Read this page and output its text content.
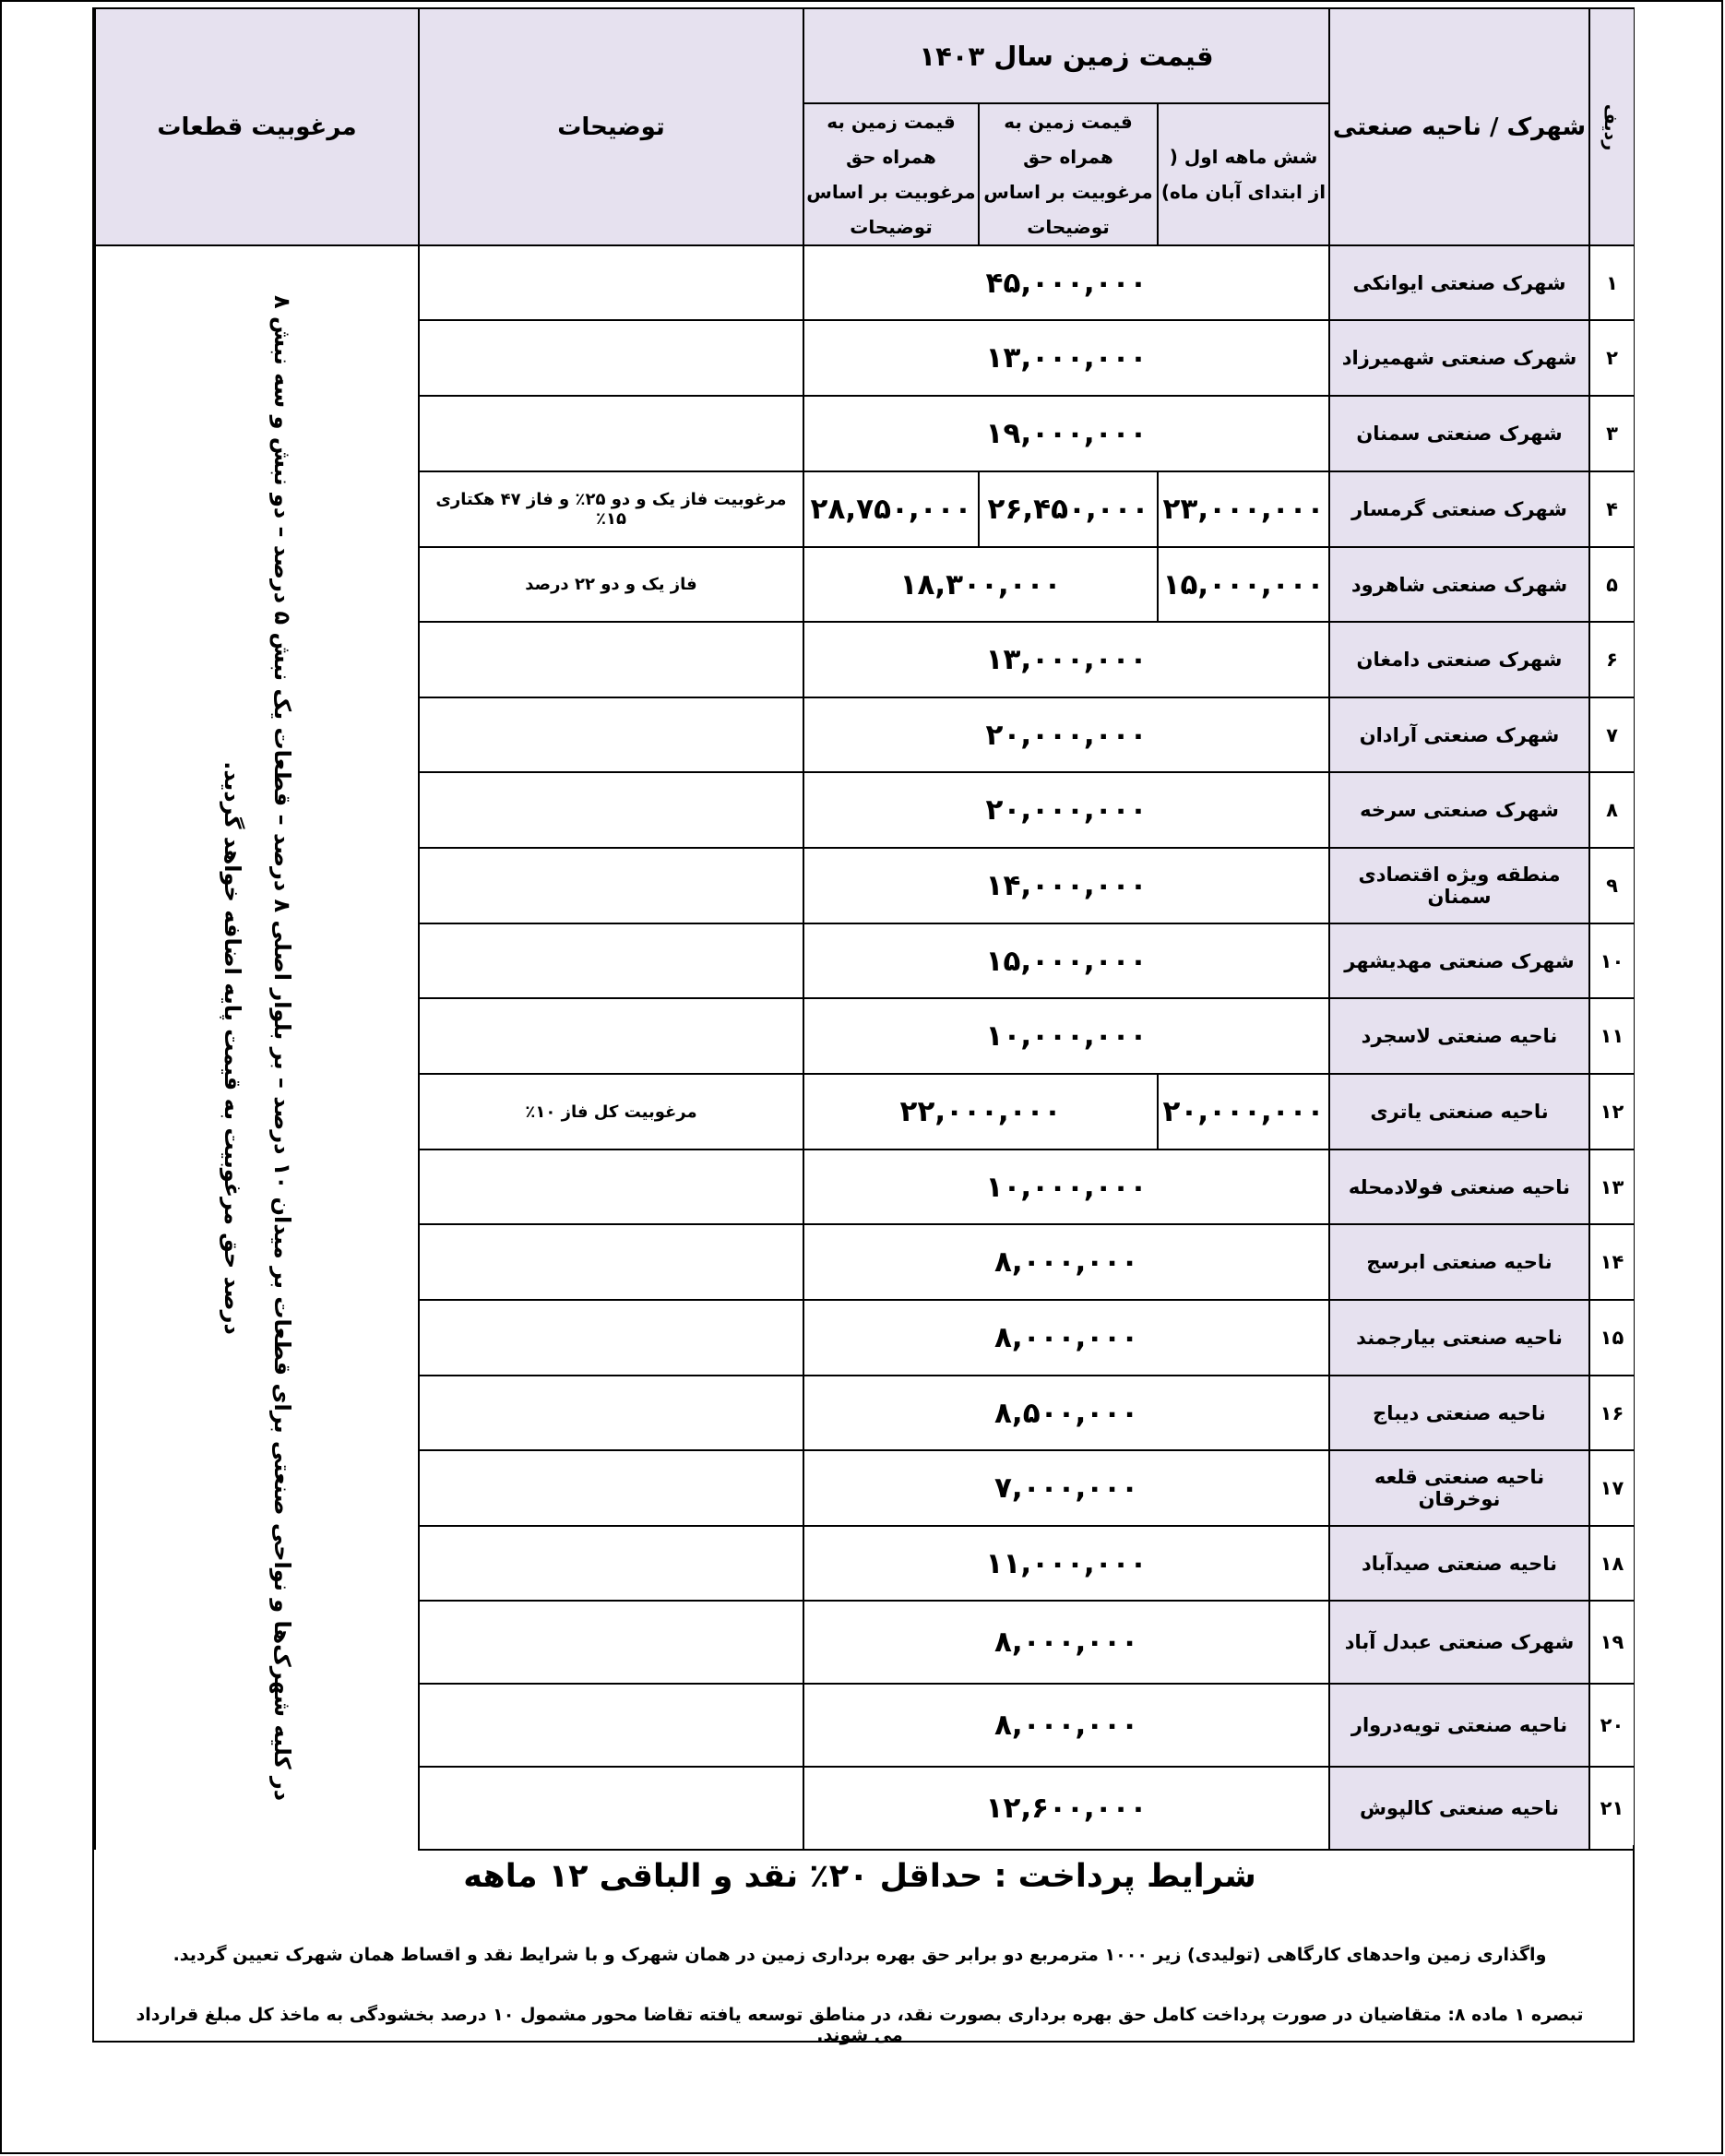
ردیف	شهرک / ناحیه صنعتی	قیمت زمین سال ۱۴۰۳			توضیحات	مرغوبیت قطعات
		شش ماهه اول ( از ابتدای آبان ماه)	قیمت زمین به همراه حق مرغوبیت بر اساس توضیحات	قیمت زمین به همراه حق مرغوبیت بر اساس توضیحات		
۱	شهرک صنعتی ایوانکی	۴۵,۰۰۰,۰۰۰				در کلیه شهرک‌ها و نواحی صنعتی برای قطعات بر میدان ۱۰ درصد – بر بلوار اصلی ۸ درصد – قطعات یک نبش ۵ درصد – دو نبش و سه نبش ۸ درصد حق مرغوبیت به قیمت پایه اضافه خواهد گردید.

۲	شهرک صنعتی شهمیرزاد	۱۳,۰۰۰,۰۰۰				
۳	شهرک صنعتی سمنان	۱۹,۰۰۰,۰۰۰				
۴	شهرک صنعتی گرمسار	۲۳,۰۰۰,۰۰۰	۲۶,۴۵۰,۰۰۰	۲۸,۷۵۰,۰۰۰	مرغوبیت فاز یک و دو ۲۵٪ و فاز ۴۷ هکتاری ۱۵٪	
۵	شهرک صنعتی شاهرود	۱۵,۰۰۰,۰۰۰	۱۸,۳۰۰,۰۰۰		فاز یک و دو ۲۲ درصد	
۶	شهرک صنعتی دامغان	۱۳,۰۰۰,۰۰۰				
۷	شهرک صنعتی آرادان	۲۰,۰۰۰,۰۰۰				
۸	شهرک صنعتی سرخه	۲۰,۰۰۰,۰۰۰				
۹	منطقه ویژه اقتصادی سمنان	۱۴,۰۰۰,۰۰۰				
۱۰	شهرک صنعتی مهدیشهر	۱۵,۰۰۰,۰۰۰				
۱۱	ناحیه صنعتی لاسجرد	۱۰,۰۰۰,۰۰۰				
۱۲	ناحیه صنعتی یاتری	۲۰,۰۰۰,۰۰۰	۲۲,۰۰۰,۰۰۰		مرغوبیت کل فاز ۱۰٪	
۱۳	ناحیه صنعتی فولادمحله	۱۰,۰۰۰,۰۰۰				
۱۴	ناحیه صنعتی ابرسج	۸,۰۰۰,۰۰۰				
۱۵	ناحیه صنعتی بیارجمند	۸,۰۰۰,۰۰۰				
۱۶	ناحیه صنعتی دیباج	۸,۵۰۰,۰۰۰				
۱۷	ناحیه صنعتی قلعه نوخرقان	۷,۰۰۰,۰۰۰				
۱۸	ناحیه صنعتی صیدآباد	۱۱,۰۰۰,۰۰۰				
۱۹	شهرک صنعتی عبدل آباد	۸,۰۰۰,۰۰۰				
۲۰	ناحیه صنعتی تویه‌دروار	۸,۰۰۰,۰۰۰				
۲۱	ناحیه صنعتی کالپوش	۱۲,۶۰۰,۰۰۰				
شرایط پرداخت : حداقل ۲۰٪ نقد و الباقی ۱۲ ماهه
واگذاری زمین واحدهای کارگاهی (تولیدی) زیر ۱۰۰۰ مترمربع دو برابر حق بهره برداری زمین در همان شهرک و با شرایط نقد و اقساط همان شهرک تعیین گردید.
تبصره ۱ ماده ۸: متقاضیان در صورت پرداخت کامل حق بهره برداری بصورت نقد، در مناطق توسعه یافته تقاضا محور مشمول ۱۰ درصد بخشودگی به ماخذ کل مبلغ قرارداد می شوند.
